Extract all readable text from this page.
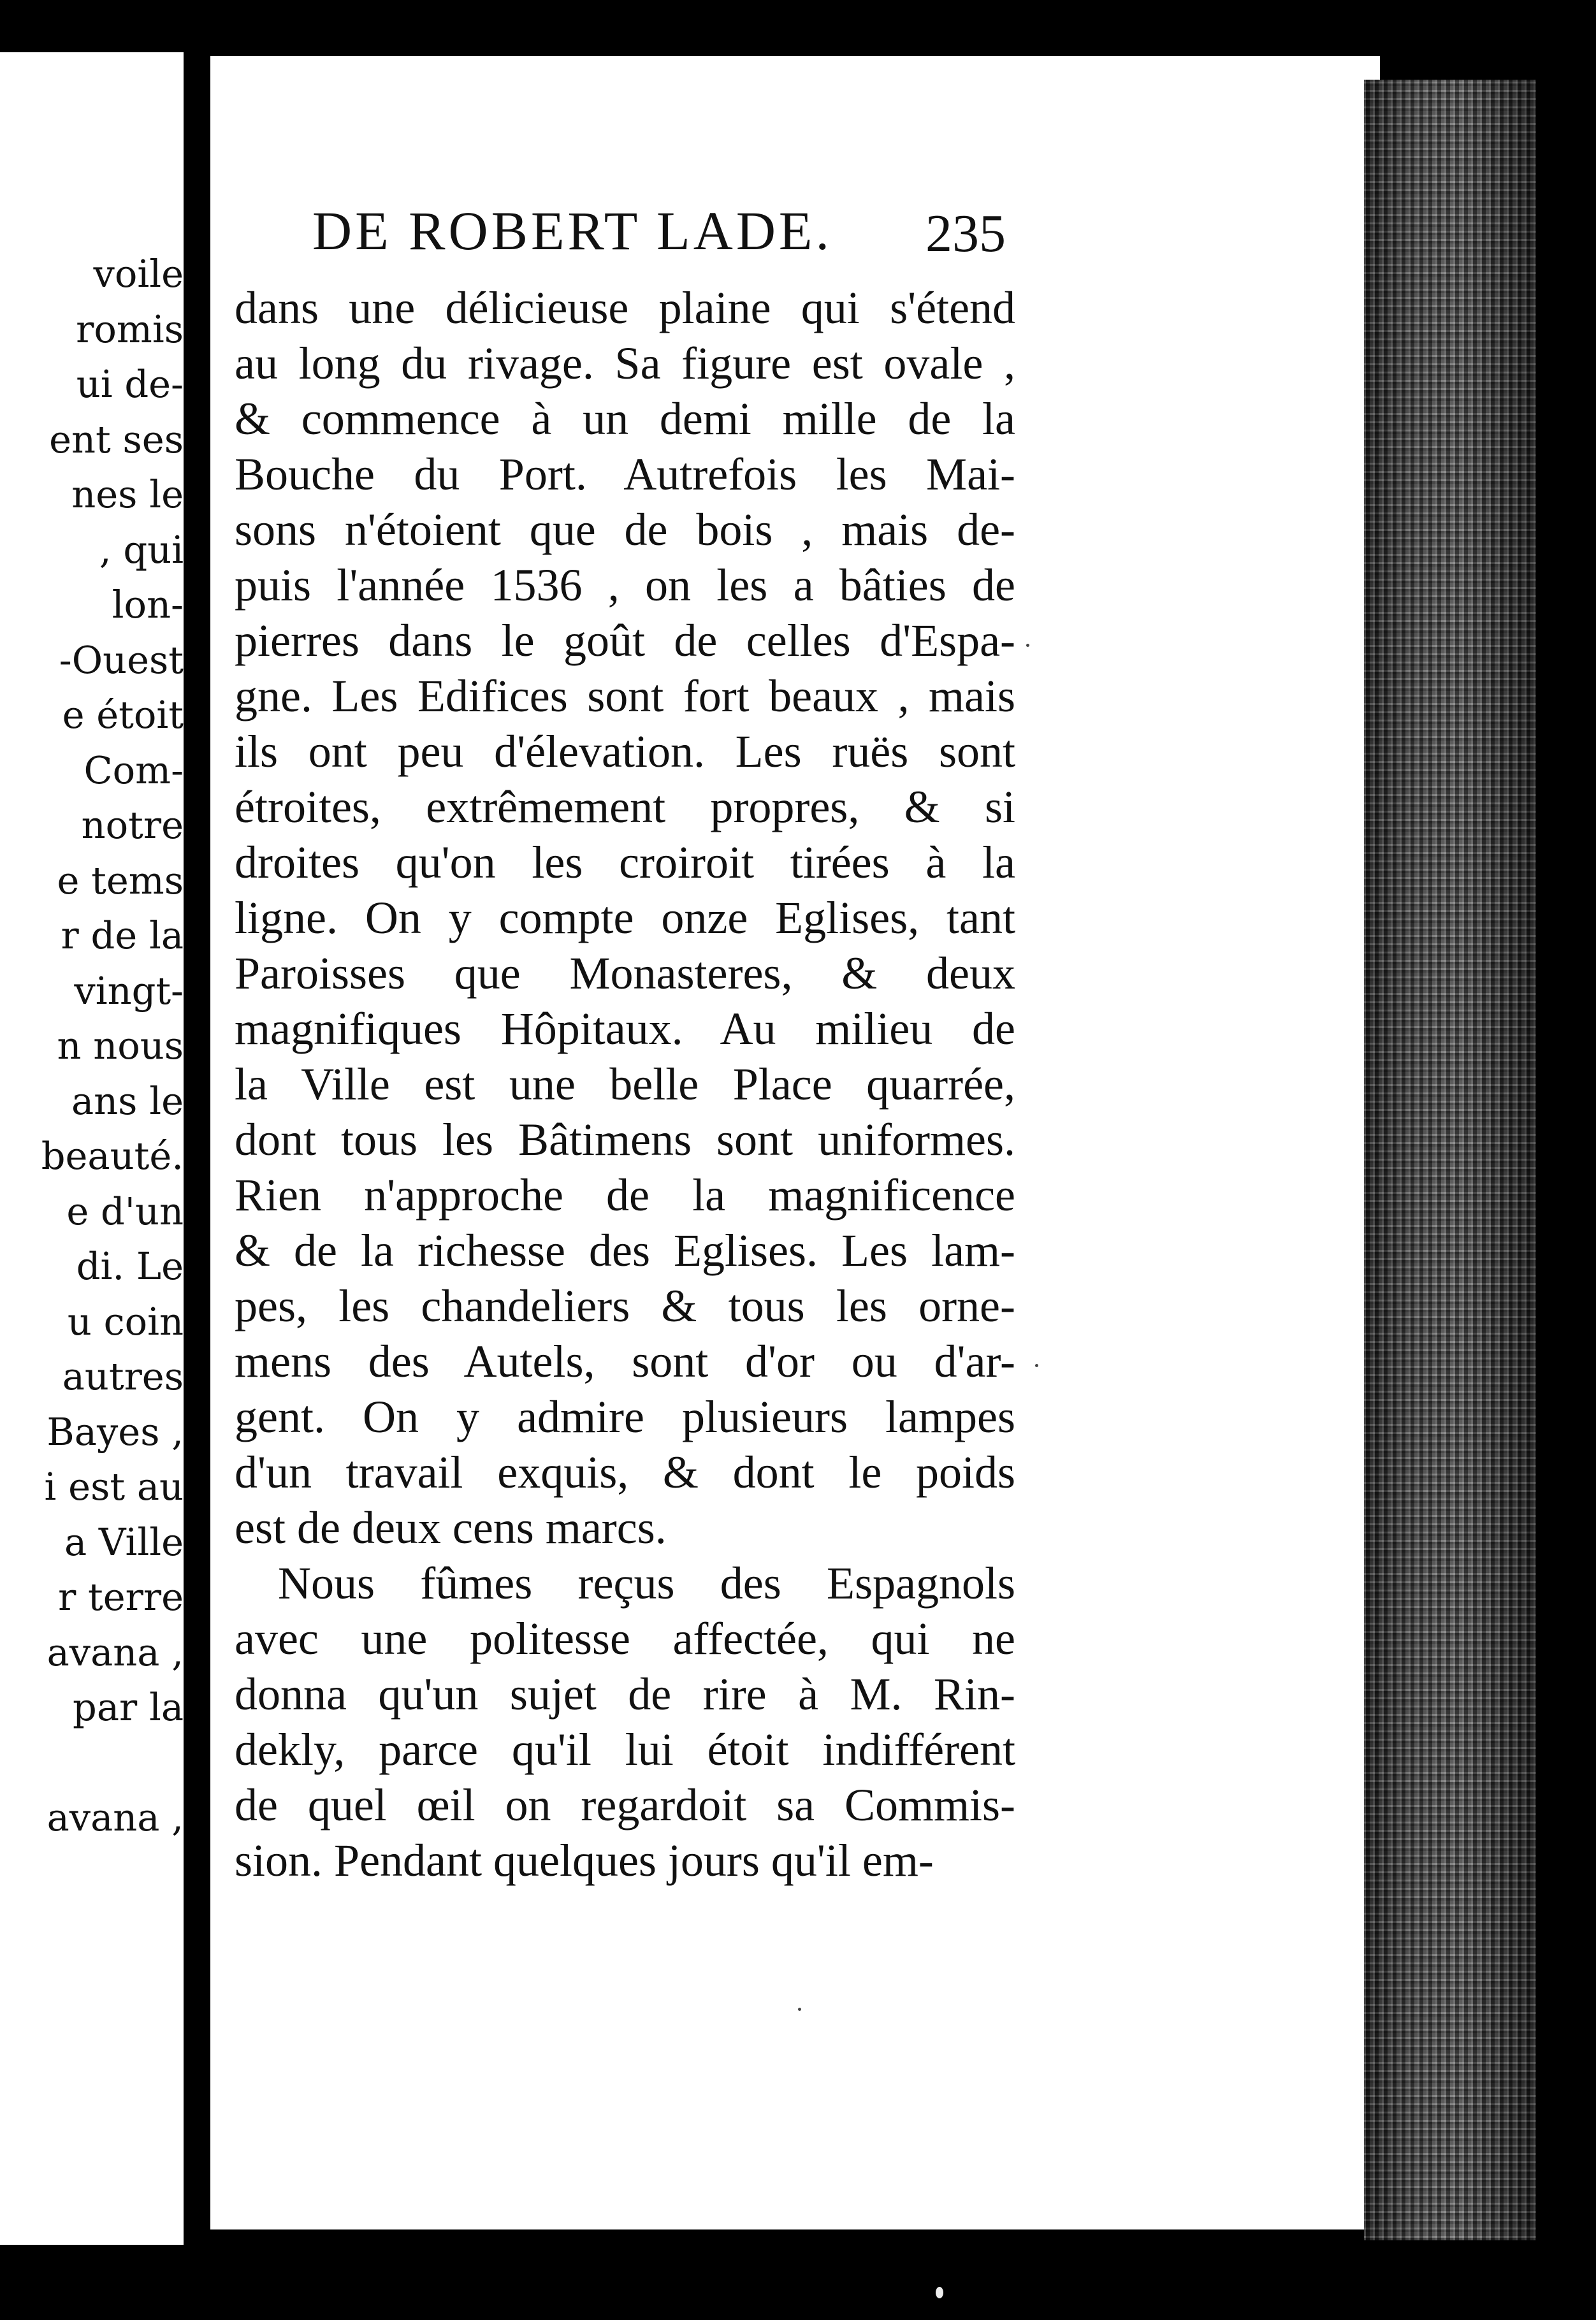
voile
romis
ui de-
ent ses
nes le
, qui
lon-
-Ouest
e étoit
Com-
notre
e tems
r de la
vingt-
n nous
ans le
beauté.
e d'un
di. Le
u coin
autres
Bayes ,
i est au
a Ville
r terre
avana ,
par la
avana ,
DE ROBERT LADE. 235
dans une délicieuse plaine qui s'étend
au long du rivage. Sa figure est ovale ,
& commence à un demi mille de la
Bouche du Port. Autrefois les Mai-
sons n'étoient que de bois , mais de-
puis l'année 1536 , on les a bâties de
pierres dans le goût de celles d'Espa-
gne. Les Edifices sont fort beaux , mais
ils ont peu d'élevation. Les ruës sont
étroites, extrêmement propres, & si
droites qu'on les croiroit tirées à la
ligne. On y compte onze Eglises, tant
Paroisses que Monasteres, & deux
magnifiques Hôpitaux. Au milieu de
la Ville est une belle Place quarrée,
dont tous les Bâtimens sont uniformes.
Rien n'approche de la magnificence
& de la richesse des Eglises. Les lam-
pes, les chandeliers & tous les orne-
mens des Autels, sont d'or ou d'ar-
gent. On y admire plusieurs lampes
d'un travail exquis, & dont le poids
est de deux cens marcs.
Nous fûmes reçus des Espagnols
avec une politesse affectée, qui ne
donna qu'un sujet de rire à M. Rin-
dekly, parce qu'il lui étoit indifférent
de quel œil on regardoit sa Commis-
sion. Pendant quelques jours qu'il em-
